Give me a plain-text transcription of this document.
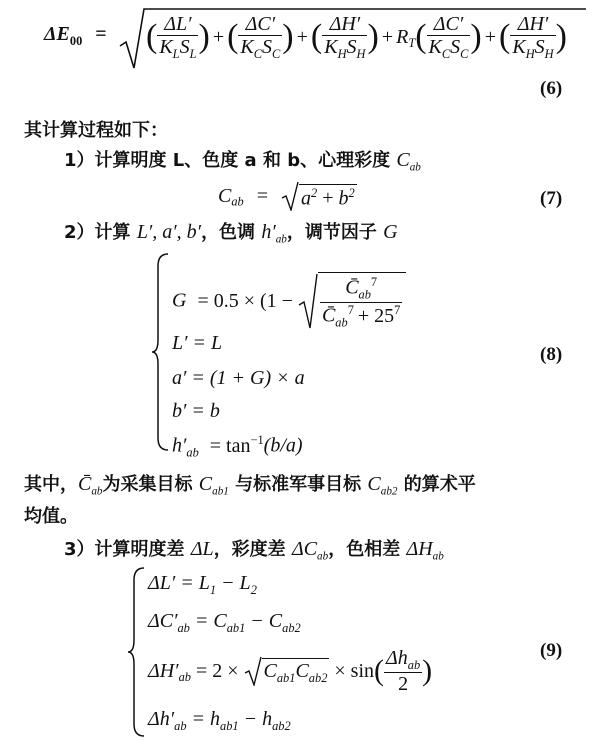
$\Delta E_{00}$ = ( $\frac{\Delta L'}{K_LS_L}$ ) +( $\frac{\Delta C'}{K_CS_C}$ ) +( $\frac{\Delta H'}{K_HS_H}$ ) + $R_T( \frac{\Delta C'}{K_CS_C}$ ) +( $\frac{\Delta H'}{K_HS_H}$ )
(6)
其计算过程如下：
1）计算明度 L、色度 a 和 b、心理彩度 $C_{ab}$
$C_{ab} = a^2 + b^2$	(7)
2）计算 L′, a′, b′，色调 $h'_{ab}$，调节因子 G
$G = 0.5 \times (1 - \frac{C̄_{ab}^7}{C̄_{ab}^7 + 25^7}$
L′ = L
a′ = (1 + G) × a
b′ = b
$h'_{ab} = \tan^{-1}(b/a)$
(8)
其中，$C̄_{ab}$为采集目标 $C_{ab1}$ 与标准军事目标 $C_{ab2}$ 的算术平
均值。
3）计算明度差 ΔL，彩度差 $\Delta C_{ab}$，色相差 $\Delta H_{ab}$
$\Delta L' = L_1 - L_2$
$\Delta C'_{ab} = C_{ab1} - C_{ab2}$
$\Delta H'_{ab} = 2 \times C_{ab1}C_{ab2} \times \sin( \frac{\Delta h_{ab}}{2}$ )
$\Delta h'_{ab} = h_{ab1} - h_{ab2}$
(9)
